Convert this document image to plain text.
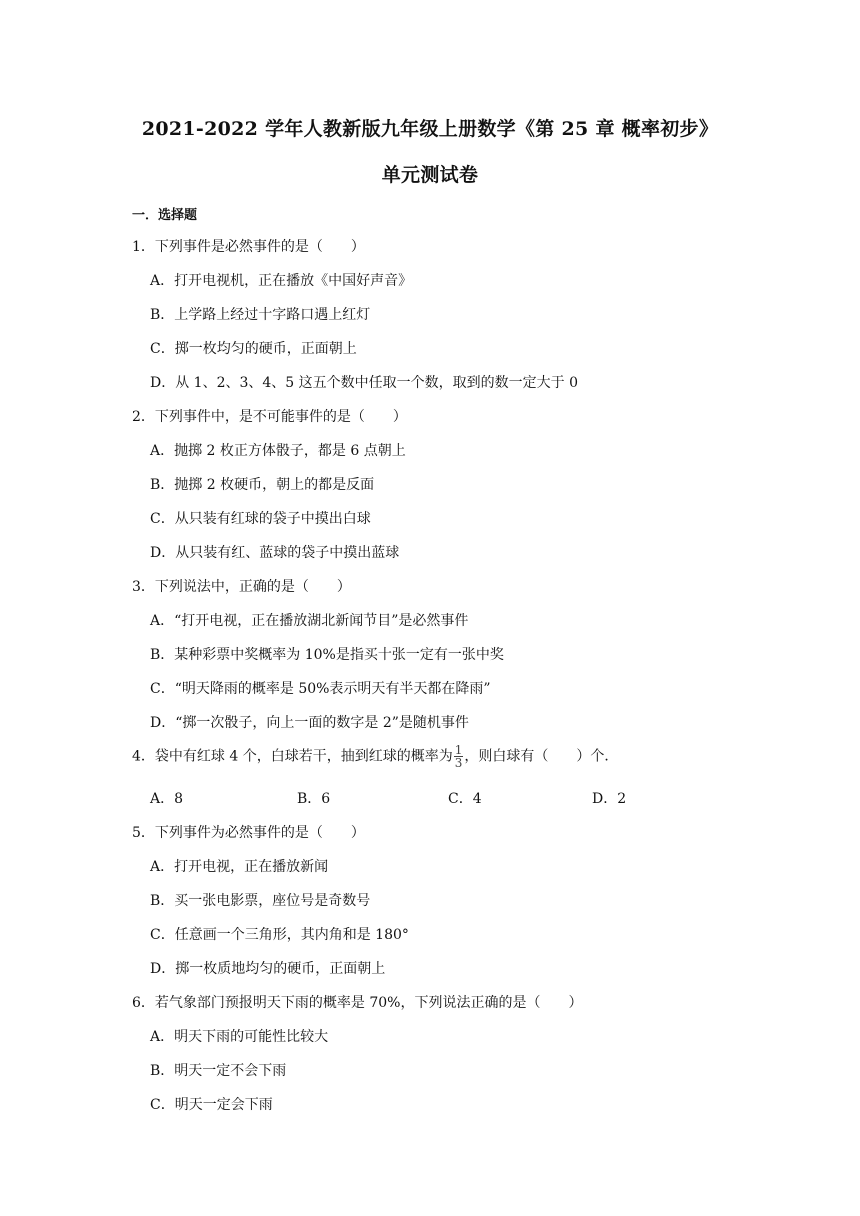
2021-2022 学年人教新版九年级上册数学《第 25 章 概率初步》
单元测试卷
一．选择题
1．下列事件是必然事件的是（　　）
A．打开电视机，正在播放《中国好声音》
B．上学路上经过十字路口遇上红灯
C．掷一枚均匀的硬币，正面朝上
D．从 1、2、3、4、5 这五个数中任取一个数，取到的数一定大于 0
2．下列事件中，是不可能事件的是（　　）
A．抛掷 2 枚正方体骰子，都是 6 点朝上
B．抛掷 2 枚硬币，朝上的都是反面
C．从只装有红球的袋子中摸出白球
D．从只装有红、蓝球的袋子中摸出蓝球
3．下列说法中，正确的是（　　）
A．“打开电视，正在播放湖北新闻节目”是必然事件
B．某种彩票中奖概率为 10%是指买十张一定有一张中奖
C．“明天降雨的概率是 50%表示明天有半天都在降雨”
D．“掷一次骰子，向上一面的数字是 2”是随机事件
4．袋中有红球 4 个，白球若干，抽到红球的概率为 $\frac{1}{3}$ ，则白球有（　　）个．
A．8	B．6	C．4	D．2
5．下列事件为必然事件的是（　　）
A．打开电视，正在播放新闻
B．买一张电影票，座位号是奇数号
C．任意画一个三角形，其内角和是 180°
D．掷一枚质地均匀的硬币，正面朝上
6．若气象部门预报明天下雨的概率是 70%，下列说法正确的是（　　）
A．明天下雨的可能性比较大
B．明天一定不会下雨
C．明天一定会下雨
